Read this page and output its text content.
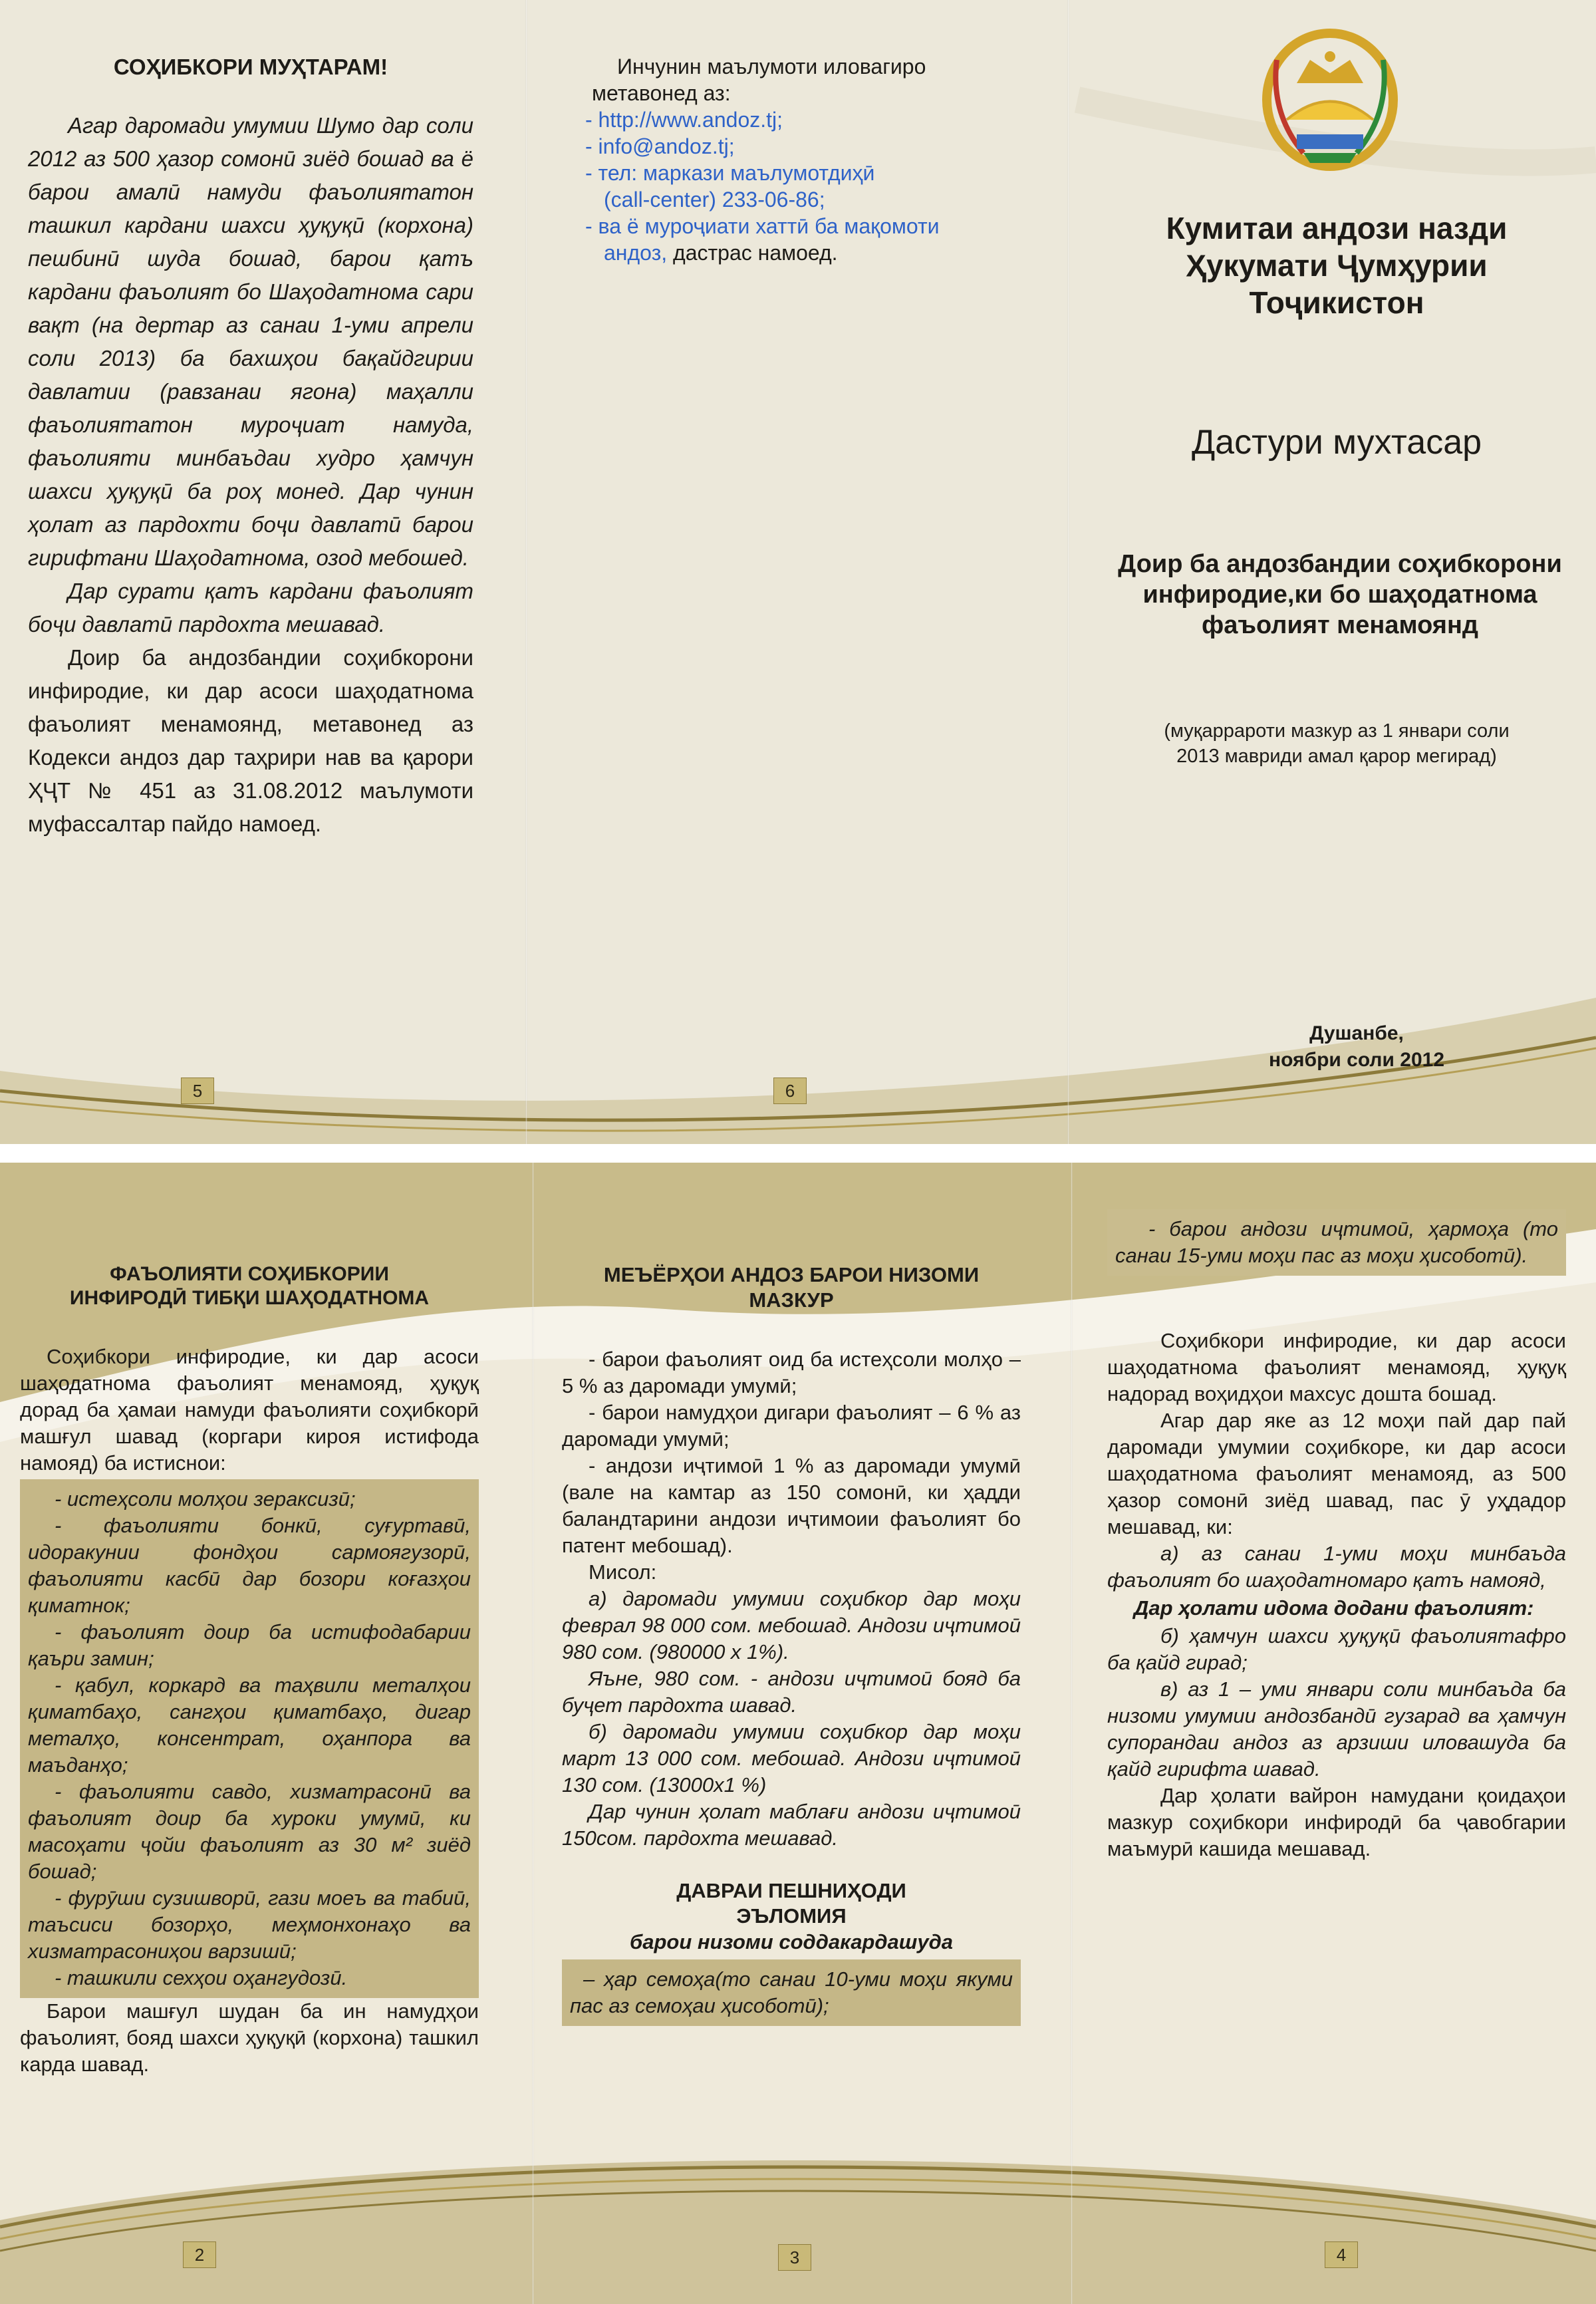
СОҲИБКОРИ МУҲТАРАМ!

Агар даромади умумии Шумо дар соли 2012 аз 500 ҳазор сомонӣ зиёд бошад ва ё барои амалӣ намуди фаъолиятатон ташкил кардани шахси ҳуқуқӣ (корхона) пешбинӣ шуда бошад, барои қатъ кардани фаъолият бо Шаҳодатнома сари вақт (на дертар аз санаи 1-уми апрели соли 2013) ба бахшҳои бақайдгирии давлатии (равзанаи ягона) маҳалли фаъолиятатон муроҷиат намуда, фаъолияти минбаъдаи худро ҳамчун шахси ҳуқуқӣ ба роҳ монед. Дар чунин ҳолат аз пардохти боҷи давлатӣ барои гирифтани Шаҳодатнома, озод мебошед.

Дар сурати қатъ кардани фаъолият боҷи давлатӣ пардохта мешавад.

Доир ба андозбандии соҳибкорони инфиродие, ки дар асоси шаҳодатнома фаъолият менамоянд, метавонед аз Кодекси андоз дар таҳрири нав ва қарори ҲҶТ № 451 аз 31.08.2012 маълумоти муфассалтар пайдо намоед.

5
Инчунин маълумоти иловагиро
метавонед аз:
- http://www.andoz.tj;
- info@andoz.tj;
- тел: маркази маълумотдиҳӣ
(call-center) 233-06-86;
- ва ё муроҷиати хаттӣ ба мақомоти
андоз, дастрас намоед.
6
Кумитаи андози назди Ҳукумати Ҷумҳурии Тоҷикистон
Дастури мухтасар
Доир ба андозбандии соҳибкорони инфиродие,ки бо шаҳодатнома фаъолият менамоянд
(муқаррароти мазкур аз 1 январи соли 2013 мавриди амал қарор мегирад)
Душанбе,
ноябри соли 2012
ФАЪОЛИЯТИ СОҲИБКОРИИ ИНФИРОДӢ ТИБҚИ ШАҲОДАТНОМА

Соҳибкори инфиродие, ки дар асоси шаҳодатнома фаъолият менамояд, ҳуқуқ дорад ба ҳамаи намуди фаъолияти соҳибкорӣ машғул шавад (коргари кироя истифода намояд) ба истиснои:

- истеҳсоли молҳои зераксизӣ;

- фаъолияти бонкӣ, суғуртавӣ, идоракунии фондҳои сармоягузорӣ, фаъолияти касбӣ дар бозори коғазҳои қиматнок;

- фаъолият доир ба истифодабарии қаъри замин;

- қабул, коркард ва таҳвили металҳои қиматбаҳо, сангҳои қиматбаҳо, дигар металҳо, консентрат, оҳанпора ва маъданҳо;

- фаъолияти савдо, хизматрасонӣ ва фаъолият доир ба хуроки умумӣ, ки масоҳати ҷойи фаъолият аз 30 м² зиёд бошад;

- фурӯши сузишворӣ, гази моеъ ва табиӣ, таъсиси бозорҳо, меҳмонхонаҳо ва хизматрасониҳои варзишӣ;

- ташкили сехҳои оҳангудозӣ.

Барои машғул шудан ба ин намудҳои фаъолият, бояд шахси ҳуқуқӣ (корхона) ташкил карда шавад.

2
МЕЪЁРҲОИ АНДОЗ БАРОИ НИЗОМИ МАЗКУР

- барои фаъолият оид ба истеҳсоли молҳо – 5 % аз даромади умумӣ;

- барои намудҳои дигари фаъолият – 6 % аз даромади умумӣ;

- андози иҷтимоӣ 1 % аз даромади умумӣ (вале на камтар аз 150 сомонӣ, ки ҳадди баландтарини андози иҷтимоии фаъолият бо патент мебошад).

Мисол:

а) даромади умумии соҳибкор дар моҳи феврал 98 000 сом. мебошад. Андози иҷтимоӣ 980 сом. (980000 х 1%).

Яъне, 980 сом. - андози иҷтимоӣ бояд ба буҷет пардохта шавад.

б) даромади умумии соҳибкор дар моҳи март 13 000 сом. мебошад. Андози иҷтимоӣ 130 сом. (13000х1 %)

Дар чунин ҳолат маблағи андози иҷтимоӣ 150сом. пардохта мешавад.

ДАВРАИ ПЕШНИҲОДИ ЭЪЛОМИЯ
барои низоми соддакардашуда

– ҳар семоҳа(то санаи 10-уми моҳи якуми пас аз семоҳаи ҳисоботӣ);

3

- барои андози иҷтимоӣ, ҳармоҳа (то санаи 15-уми моҳи пас аз моҳи ҳисоботӣ).

Соҳибкори инфиродие, ки дар асоси шаҳодатнома фаъолият менамояд, ҳуқуқ надорад воҳидҳои махсус дошта бошад.

Агар дар яке аз 12 моҳи пай дар пай даромади умумии соҳибкоре, ки дар асоси шаҳодатнома фаъолият менамояд, аз 500 ҳазор сомонӣ зиёд шавад, пас ӯ уҳдадор мешавад, ки:

а) аз санаи 1-уми моҳи минбаъда фаъолият бо шаҳодатномаро қатъ намояд,

Дар ҳолати идома додани фаъолият:

б) ҳамчун шахси ҳуқуқӣ фаъолиятафро ба қайд гирад;

в) аз 1 – уми январи соли минбаъда ба низоми умумии андозбандӣ гузарад ва ҳамчун супорандаи андоз аз арзиши иловашуда ба қайд гирифта шавад.

Дар ҳолати вайрон намудани қоидаҳои мазкур соҳибкори инфиродӣ ба ҷавобгарии маъмурӣ кашида мешавад.

4
